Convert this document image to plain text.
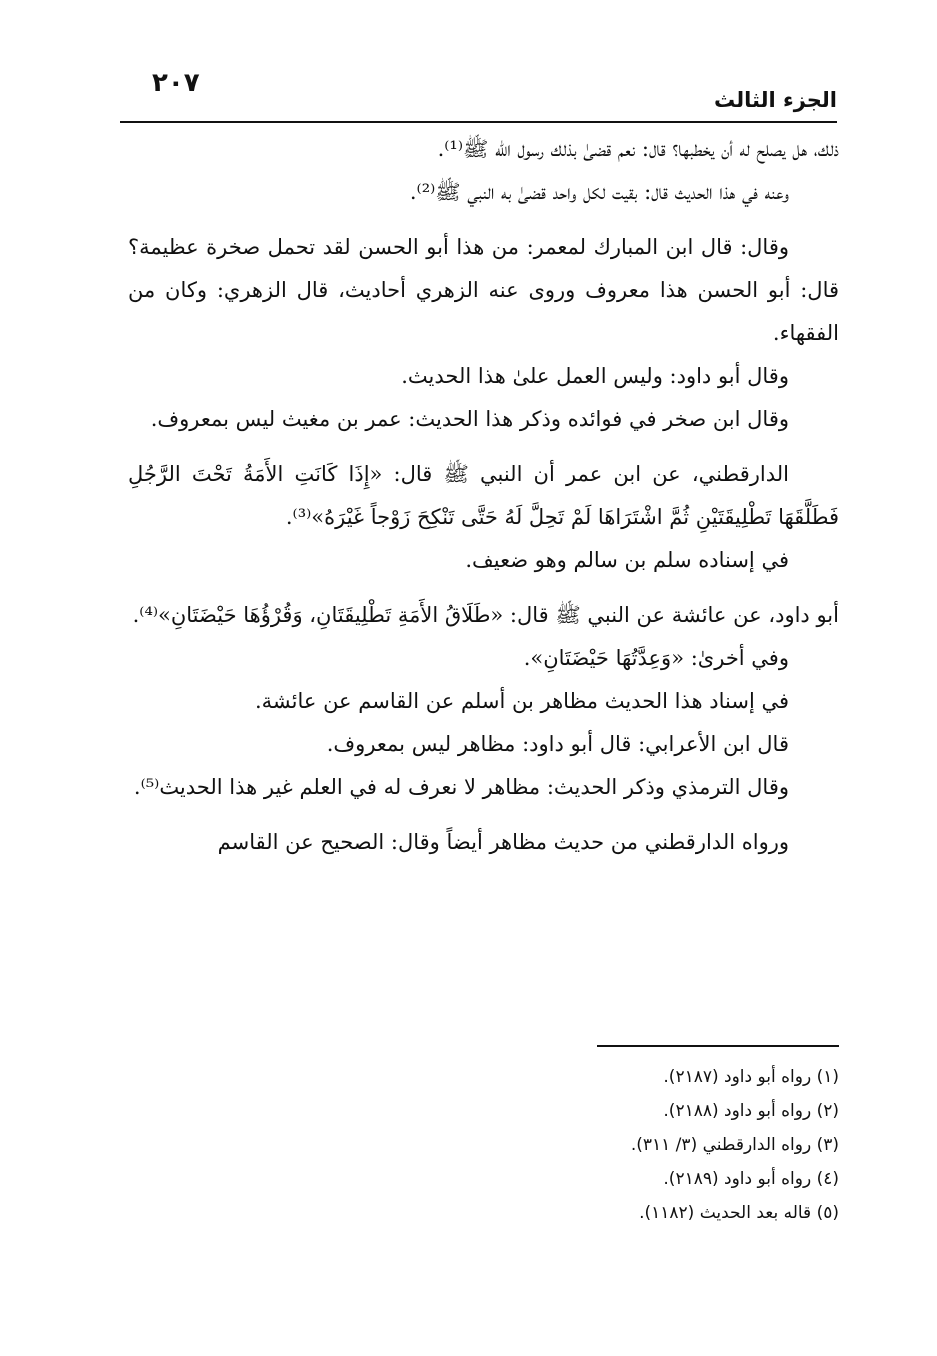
الجزء الثالث
٢٠٧

ذلك، هل يصلح له أن يخطبها؟ قال: نعم قضىٰ بذلك رسول الله ﷺ⁽¹⁾.

وعنه في هذا الحديث قال: بقيت لكل واحد قضىٰ به النبي ﷺ⁽²⁾.

وقال: قال ابن المبارك لمعمر: من هذا أبو الحسن لقد تحمل صخرة عظيمة؟ قال: أبو الحسن هذا معروف وروى عنه الزهري أحاديث، قال الزهري: وكان من الفقهاء.

وقال أبو داود: وليس العمل علىٰ هذا الحديث.

وقال ابن صخر في فوائده وذكر هذا الحديث: عمر بن مغيث ليس بمعروف.

الدارقطني، عن ابن عمر أن النبي ﷺ قال: «إِذَا كَانَتِ الأَمَةُ تَحْتَ الرَّجُلِ فَطَلَّقَهَا تَطْلِيقَتَيْنِ ثُمَّ اشْتَرَاهَا لَمْ تَحِلَّ لَهُ حَتَّى تَنْكِحَ زَوْجاً غَيْرَهُ»⁽³⁾.

في إسناده سلم بن سالم وهو ضعيف.

أبو داود، عن عائشة عن النبي ﷺ قال: «طَلَاقُ الأَمَةِ تَطْلِيقَتَانِ، وَقُرْؤُهَا حَيْضَتَانِ»⁽⁴⁾.

وفي أخرىٰ: «وَعِدَّتُهَا حَيْضَتَانِ».

في إسناد هذا الحديث مظاهر بن أسلم عن القاسم عن عائشة.

قال ابن الأعرابي: قال أبو داود: مظاهر ليس بمعروف.

وقال الترمذي وذكر الحديث: مظاهر لا نعرف له في العلم غير هذا الحديث⁽⁵⁾.

ورواه الدارقطني من حديث مظاهر أيضاً وقال: الصحيح عن القاسم

(١) رواه أبو داود (٢١٨٧).
(٢) رواه أبو داود (٢١٨٨).
(٣) رواه الدارقطني (٣/ ٣١١).
(٤) رواه أبو داود (٢١٨٩).
(٥) قاله بعد الحديث (١١٨٢).
